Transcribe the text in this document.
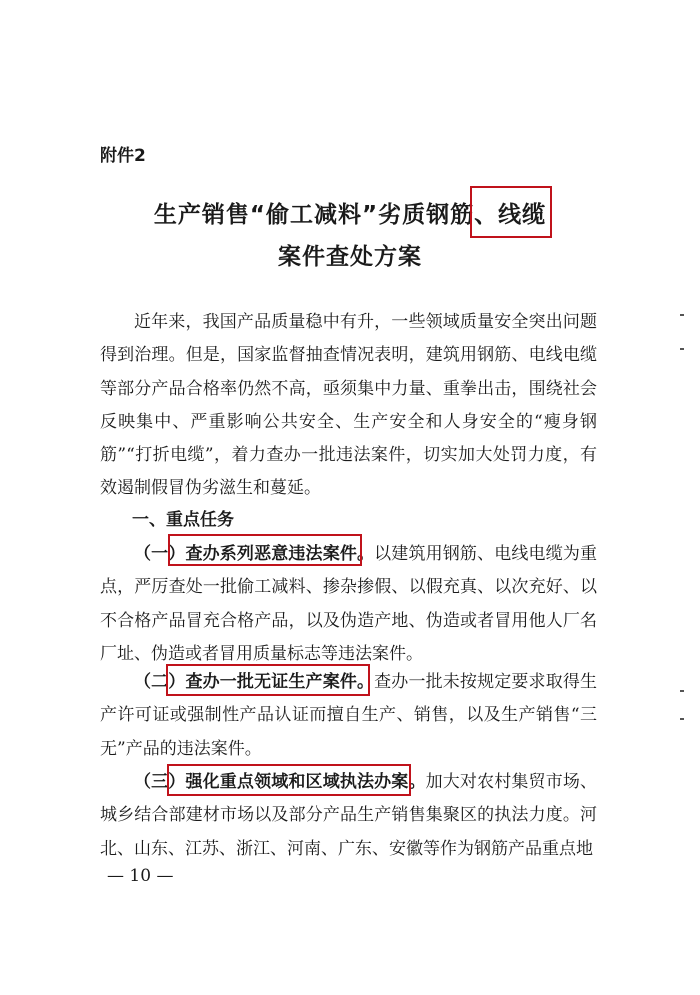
附件2
生产销售“偷工减料”劣质钢筋、线缆
案件查处方案
近年来，我国产品质量稳中有升，一些领域质量安全突出问题得到治理。但是，国家监督抽查情况表明，建筑用钢筋、电线电缆等部分产品合格率仍然不高，亟须集中力量、重拳出击，围绕社会反映集中、严重影响公共安全、生产安全和人身安全的“瘦身钢筋”“打折电缆”，着力查办一批违法案件，切实加大处罚力度，有效遏制假冒伪劣滋生和蔓延。
一、重点任务
（一）查办系列恶意违法案件。以建筑用钢筋、电线电缆为重点，严厉查处一批偷工减料、掺杂掺假、以假充真、以次充好、以不合格产品冒充合格产品，以及伪造产地、伪造或者冒用他人厂名厂址、伪造或者冒用质量标志等违法案件。
（二）查办一批无证生产案件。查办一批未按规定要求取得生产许可证或强制性产品认证而擅自生产、销售，以及生产销售“三无”产品的违法案件。
（三）强化重点领域和区域执法办案。加大对农村集贸市场、城乡结合部建材市场以及部分产品生产销售集聚区的执法力度。河北、山东、江苏、浙江、河南、广东、安徽等作为钢筋产品重点地
— 10 —
